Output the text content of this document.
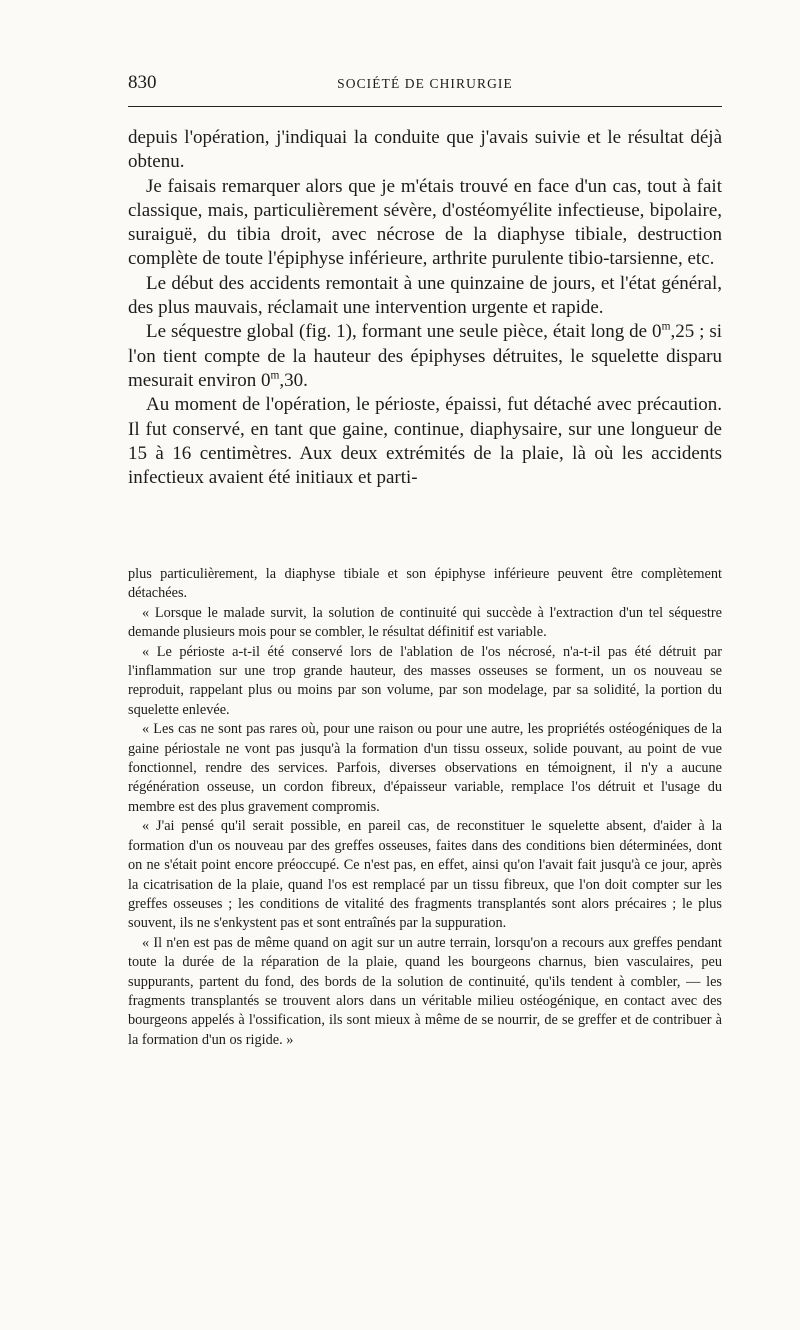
830	SOCIÉTÉ DE CHIRURGIE

depuis l'opération, j'indiquai la conduite que j'avais suivie et le résultat déjà obtenu.

Je faisais remarquer alors que je m'étais trouvé en face d'un cas, tout à fait classique, mais, particulièrement sévère, d'ostéomyélite infectieuse, bipolaire, suraiguë, du tibia droit, avec nécrose de la diaphyse tibiale, destruction complète de toute l'épiphyse inférieure, arthrite purulente tibio-tarsienne, etc.

Le début des accidents remontait à une quinzaine de jours, et l'état général, des plus mauvais, réclamait une intervention urgente et rapide.

Le séquestre global (fig. 1), formant une seule pièce, était long de 0$^m$,25 ; si l'on tient compte de la hauteur des épiphyses détruites, le squelette disparu mesurait environ 0$^m$,30.

Au moment de l'opération, le périoste, épaissi, fut détaché avec précaution. Il fut conservé, en tant que gaine, continue, diaphysaire, sur une longueur de 15 à 16 centimètres. Aux deux extrémités de la plaie, là où les accidents infectieux avaient été initiaux et parti-

plus particulièrement, la diaphyse tibiale et son épiphyse inférieure peuvent être complètement détachées.

« Lorsque le malade survit, la solution de continuité qui succède à l'extraction d'un tel séquestre demande plusieurs mois pour se combler, le résultat définitif est variable.

« Le périoste a-t-il été conservé lors de l'ablation de l'os nécrosé, n'a-t-il pas été détruit par l'inflammation sur une trop grande hauteur, des masses osseuses se forment, un os nouveau se reproduit, rappelant plus ou moins par son volume, par son modelage, par sa solidité, la portion du squelette enlevée.

« Les cas ne sont pas rares où, pour une raison ou pour une autre, les propriétés ostéogéniques de la gaine périostale ne vont pas jusqu'à la formation d'un tissu osseux, solide pouvant, au point de vue fonctionnel, rendre des services. Parfois, diverses observations en témoignent, il n'y a aucune régénération osseuse, un cordon fibreux, d'épaisseur variable, remplace l'os détruit et l'usage du membre est des plus gravement compromis.

« J'ai pensé qu'il serait possible, en pareil cas, de reconstituer le squelette absent, d'aider à la formation d'un os nouveau par des greffes osseuses, faites dans des conditions bien déterminées, dont on ne s'était point encore préoccupé. Ce n'est pas, en effet, ainsi qu'on l'avait fait jusqu'à ce jour, après la cicatrisation de la plaie, quand l'os est remplacé par un tissu fibreux, que l'on doit compter sur les greffes osseuses ; les conditions de vitalité des fragments transplantés sont alors précaires ; le plus souvent, ils ne s'enkystent pas et sont entraînés par la suppuration.

« Il n'en est pas de même quand on agit sur un autre terrain, lorsqu'on a recours aux greffes pendant toute la durée de la réparation de la plaie, quand les bourgeons charnus, bien vasculaires, peu suppurants, partent du fond, des bords de la solution de continuité, qu'ils tendent à combler, — les fragments transplantés se trouvent alors dans un véritable milieu ostéogénique, en contact avec des bourgeons appelés à l'ossification, ils sont mieux à même de se nourrir, de se greffer et de contribuer à la formation d'un os rigide. »
